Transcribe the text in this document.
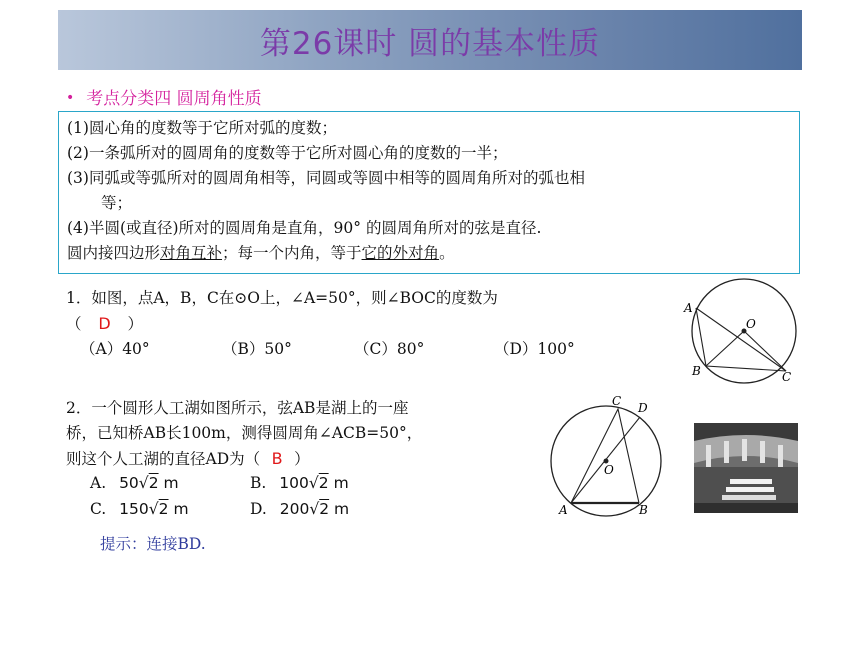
第26课时 圆的基本性质
• 考点分类四 圆周角性质
(1)圆心角的度数等于它所对弧的度数；
(2)一条弧所对的圆周角的度数等于它所对圆心角的度数的一半；
(3)同弧或等弧所对的圆周角相等，同圆或等圆中相等的圆周角所对的弧也相
等；
(4)半圆(或直径)所对的圆周角是直角，90° 的圆周角所对的弦是直径.
圆内接四边形对角互补；每一个内角，等于它的外对角。
1．如图，点A，B，C在⊙O上，∠A=50°，则∠BOC的度数为
（ D ）
（A）40°	（B）50°	（C）80°	（D）100°
A
B	C
O
2．一个圆形人工湖如图所示，弦AB是湖上的一座
桥，已知桥AB长100m，测得圆周角∠ACB=50°，
则这个人工湖的直径AD为（ B ）
A. 50√2 m	B. 100√2 m
C. 150√2 m	D. 200√2 m	A	B
C D
O
提示：连接BD.
